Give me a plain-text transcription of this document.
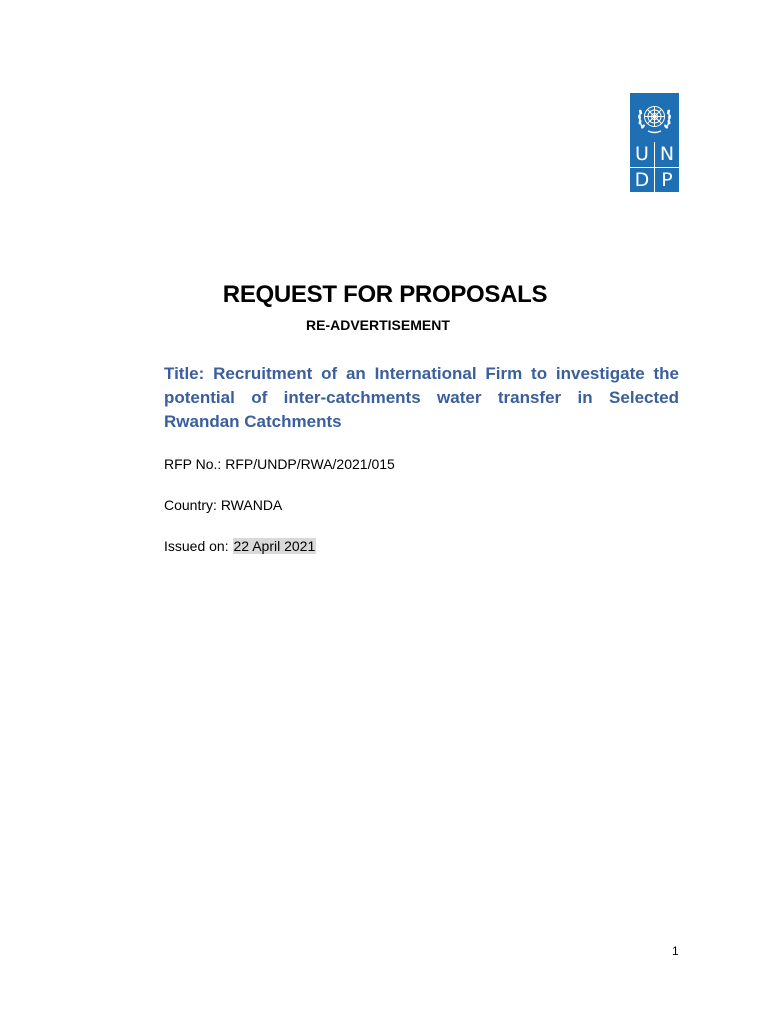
U N
D P
REQUEST FOR PROPOSALS
RE-ADVERTISEMENT

Title: Recruitment of an International Firm to investigate the potential of inter-catchments water transfer in Selected Rwandan Catchments

RFP No.: RFP/UNDP/RWA/2021/015
Country: RWANDA
Issued on: 22 April 2021
1
